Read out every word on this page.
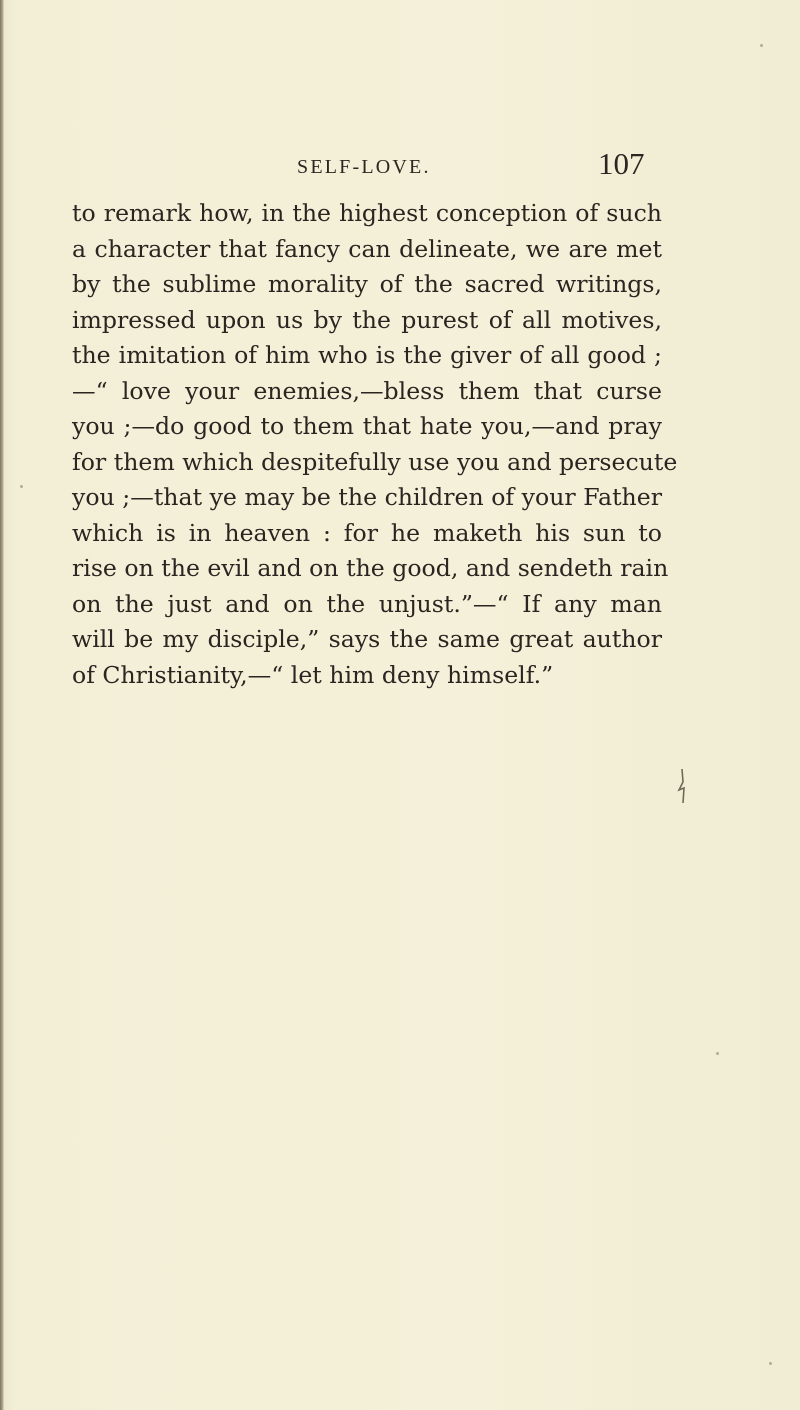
SELF-LOVE.	107
to remark how, in the highest conception of such
a character that fancy can delineate, we are met
by the sublime morality of the sacred writings,
impressed upon us by the purest of all motives,
the imitation of him who is the giver of all good ;
—“ love your enemies,—bless them that curse
you ;—do good to them that hate you,—and pray
for them which despitefully use you and persecute
you ;—that ye may be the children of your Father
which is in heaven : for he maketh his sun to
rise on the evil and on the good, and sendeth rain
on the just and on the unjust.”—“ If any man
will be my disciple,” says the same great author
of Christianity,—“ let him deny himself.”
